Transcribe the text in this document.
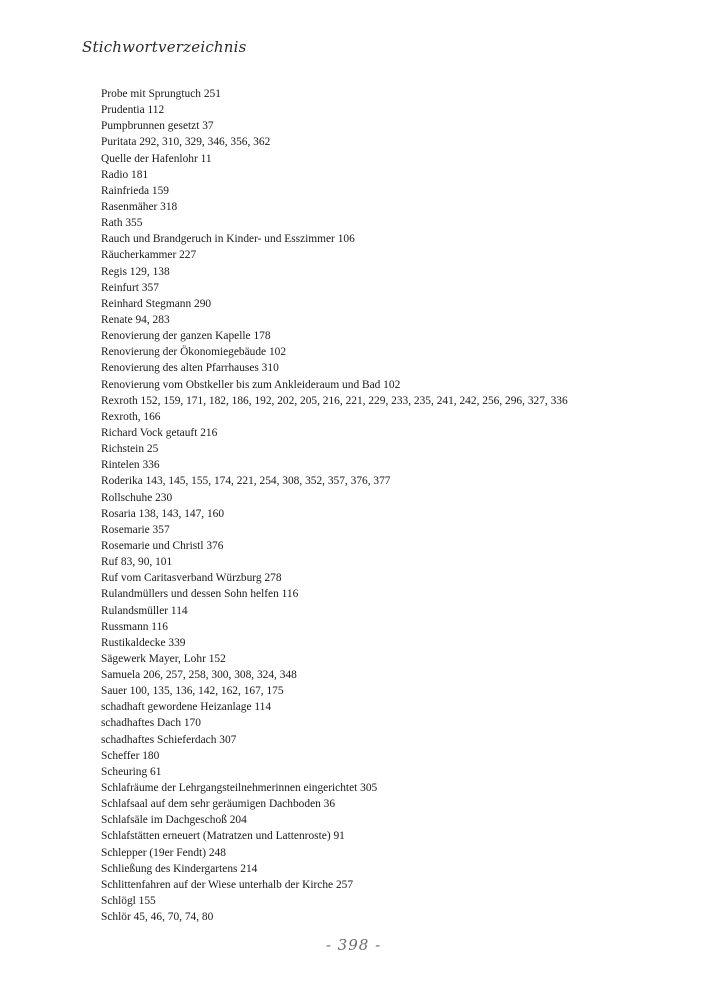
Stichwortverzeichnis
Probe mit Sprungtuch 251
Prudentia 112
Pumpbrunnen gesetzt 37
Puritata 292, 310, 329, 346, 356, 362
Quelle der Hafenlohr 11
Radio 181
Rainfrieda 159
Rasenmäher 318
Rath 355
Rauch und Brandgeruch in Kinder- und Esszimmer 106
Räucherkammer 227
Regis 129, 138
Reinfurt 357
Reinhard Stegmann 290
Renate 94, 283
Renovierung der ganzen Kapelle 178
Renovierung der Ökonomiegebäude 102
Renovierung des alten Pfarrhauses 310
Renovierung vom Obstkeller bis zum Ankleideraum und Bad 102
Rexroth 152, 159, 171, 182, 186, 192, 202, 205, 216, 221, 229, 233, 235, 241, 242, 256, 296, 327, 336
Rexroth, 166
Richard Vock getauft 216
Richstein 25
Rintelen 336
Roderika 143, 145, 155, 174, 221, 254, 308, 352, 357, 376, 377
Rollschuhe 230
Rosaria 138, 143, 147, 160
Rosemarie 357
Rosemarie und Christl 376
Ruf 83, 90, 101
Ruf vom Caritasverband Würzburg 278
Rulandmüllers und dessen Sohn helfen 116
Rulandsmüller 114
Russmann 116
Rustikaldecke 339
Sägewerk Mayer, Lohr 152
Samuela 206, 257, 258, 300, 308, 324, 348
Sauer 100, 135, 136, 142, 162, 167, 175
schadhaft gewordene Heizanlage 114
schadhaftes Dach 170
schadhaftes Schieferdach 307
Scheffer 180
Scheuring 61
Schlafräume der Lehrgangsteilnehmerinnen eingerichtet 305
Schlafsaal auf dem sehr geräumigen Dachboden 36
Schlafsäle im Dachgeschoß 204
Schlafstätten erneuert (Matratzen und Lattenroste) 91
Schlepper (19er Fendt) 248
Schließung des Kindergartens 214
Schlittenfahren auf der Wiese unterhalb der Kirche 257
Schlögl 155
Schlör 45, 46, 70, 74, 80
- 398 -
